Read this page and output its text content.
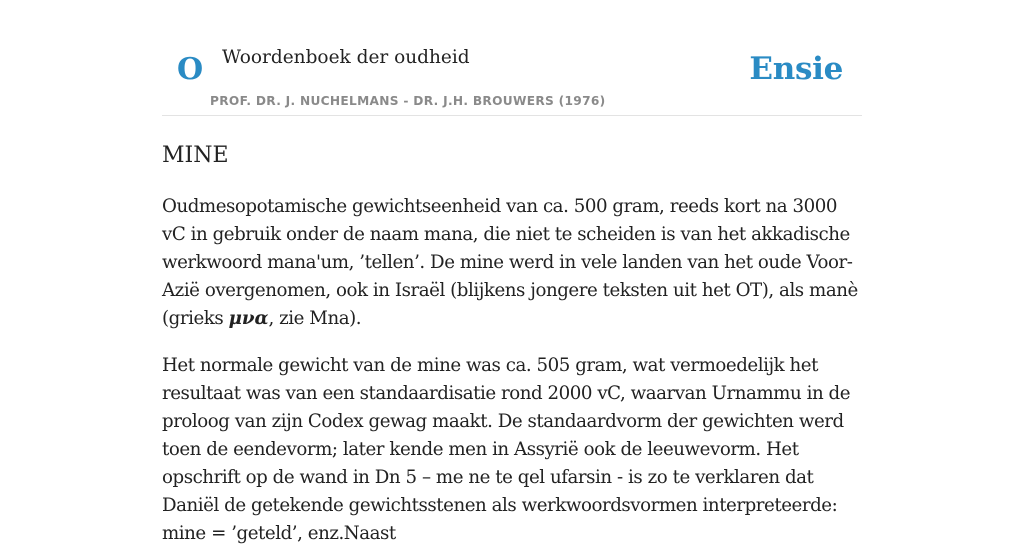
O Woordenboek der oudheid	Ensie
PROF. DR. J. NUCHELMANS - DR. J.H. BROUWERS (1976)
MINE

Oudmesopotamische gewichtseenheid van ca. 500 gram, reeds kort na 3000 vC in gebruik onder de naam mana, die niet te scheiden is van het akkadische werkwoord mana'um, ’tellen’. De mine werd in vele landen van het oude Voor-Azië overgenomen, ook in Israël (blijkens jongere teksten uit het OT), als manè (grieks μνα, zie Mna).

Het normale gewicht van de mine was ca. 505 gram, wat vermoedelijk het resultaat was van een standaardisatie rond 2000 vC, waarvan Urnammu in de proloog van zijn Codex gewag maakt. De standaardvorm der gewichten werd toen de eendevorm; later kende men in Assyrië ook de leeuwevorm. Het opschrift op de wand in Dn 5 – me ne te qel ufarsin - is zo te verklaren dat Daniël de getekende gewichtsstenen als werkwoordsvormen interpreteerde: mine = ’geteld’, enz.Naast
